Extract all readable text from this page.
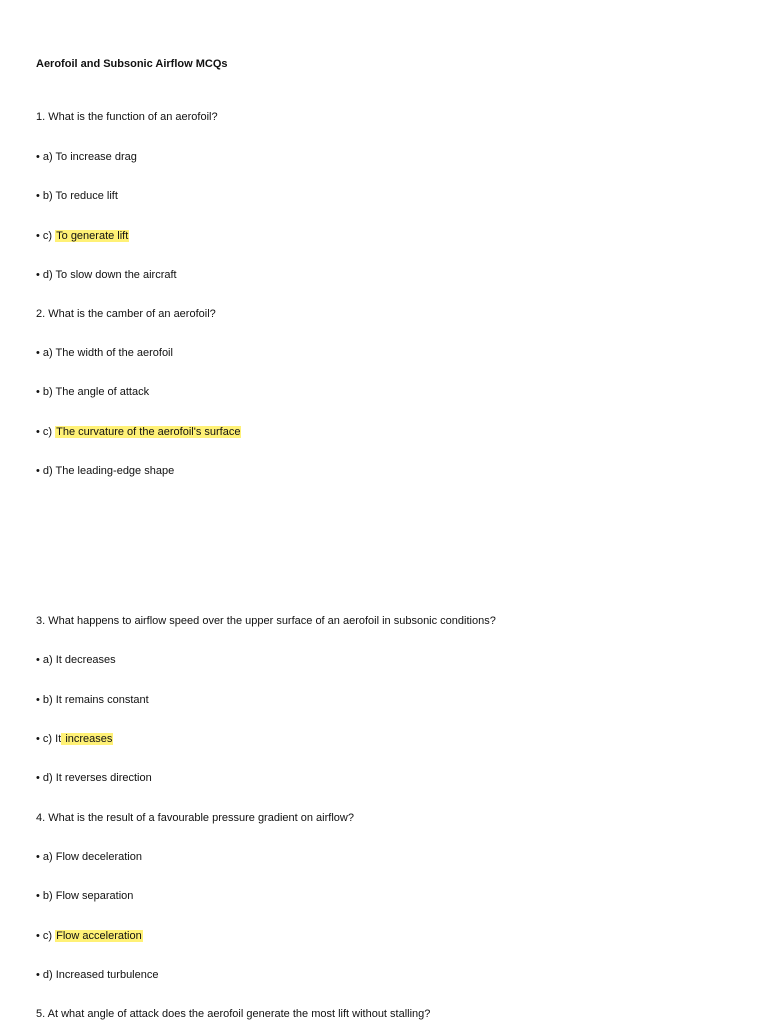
Aerofoil and Subsonic Airflow MCQs
1. What is the function of an aerofoil?
• a) To increase drag
• b) To reduce lift
• c) To generate lift
• d) To slow down the aircraft
2. What is the camber of an aerofoil?
• a) The width of the aerofoil
• b) The angle of attack
• c) The curvature of the aerofoil's surface
• d) The leading-edge shape
3. What happens to airflow speed over the upper surface of an aerofoil in subsonic conditions?
• a) It decreases
• b) It remains constant
• c) It increases
• d) It reverses direction
4. What is the result of a favourable pressure gradient on airflow?
• a) Flow deceleration
• b) Flow separation
• c) Flow acceleration
• d) Increased turbulence
5. At what angle of attack does the aerofoil generate the most lift without stalling?
